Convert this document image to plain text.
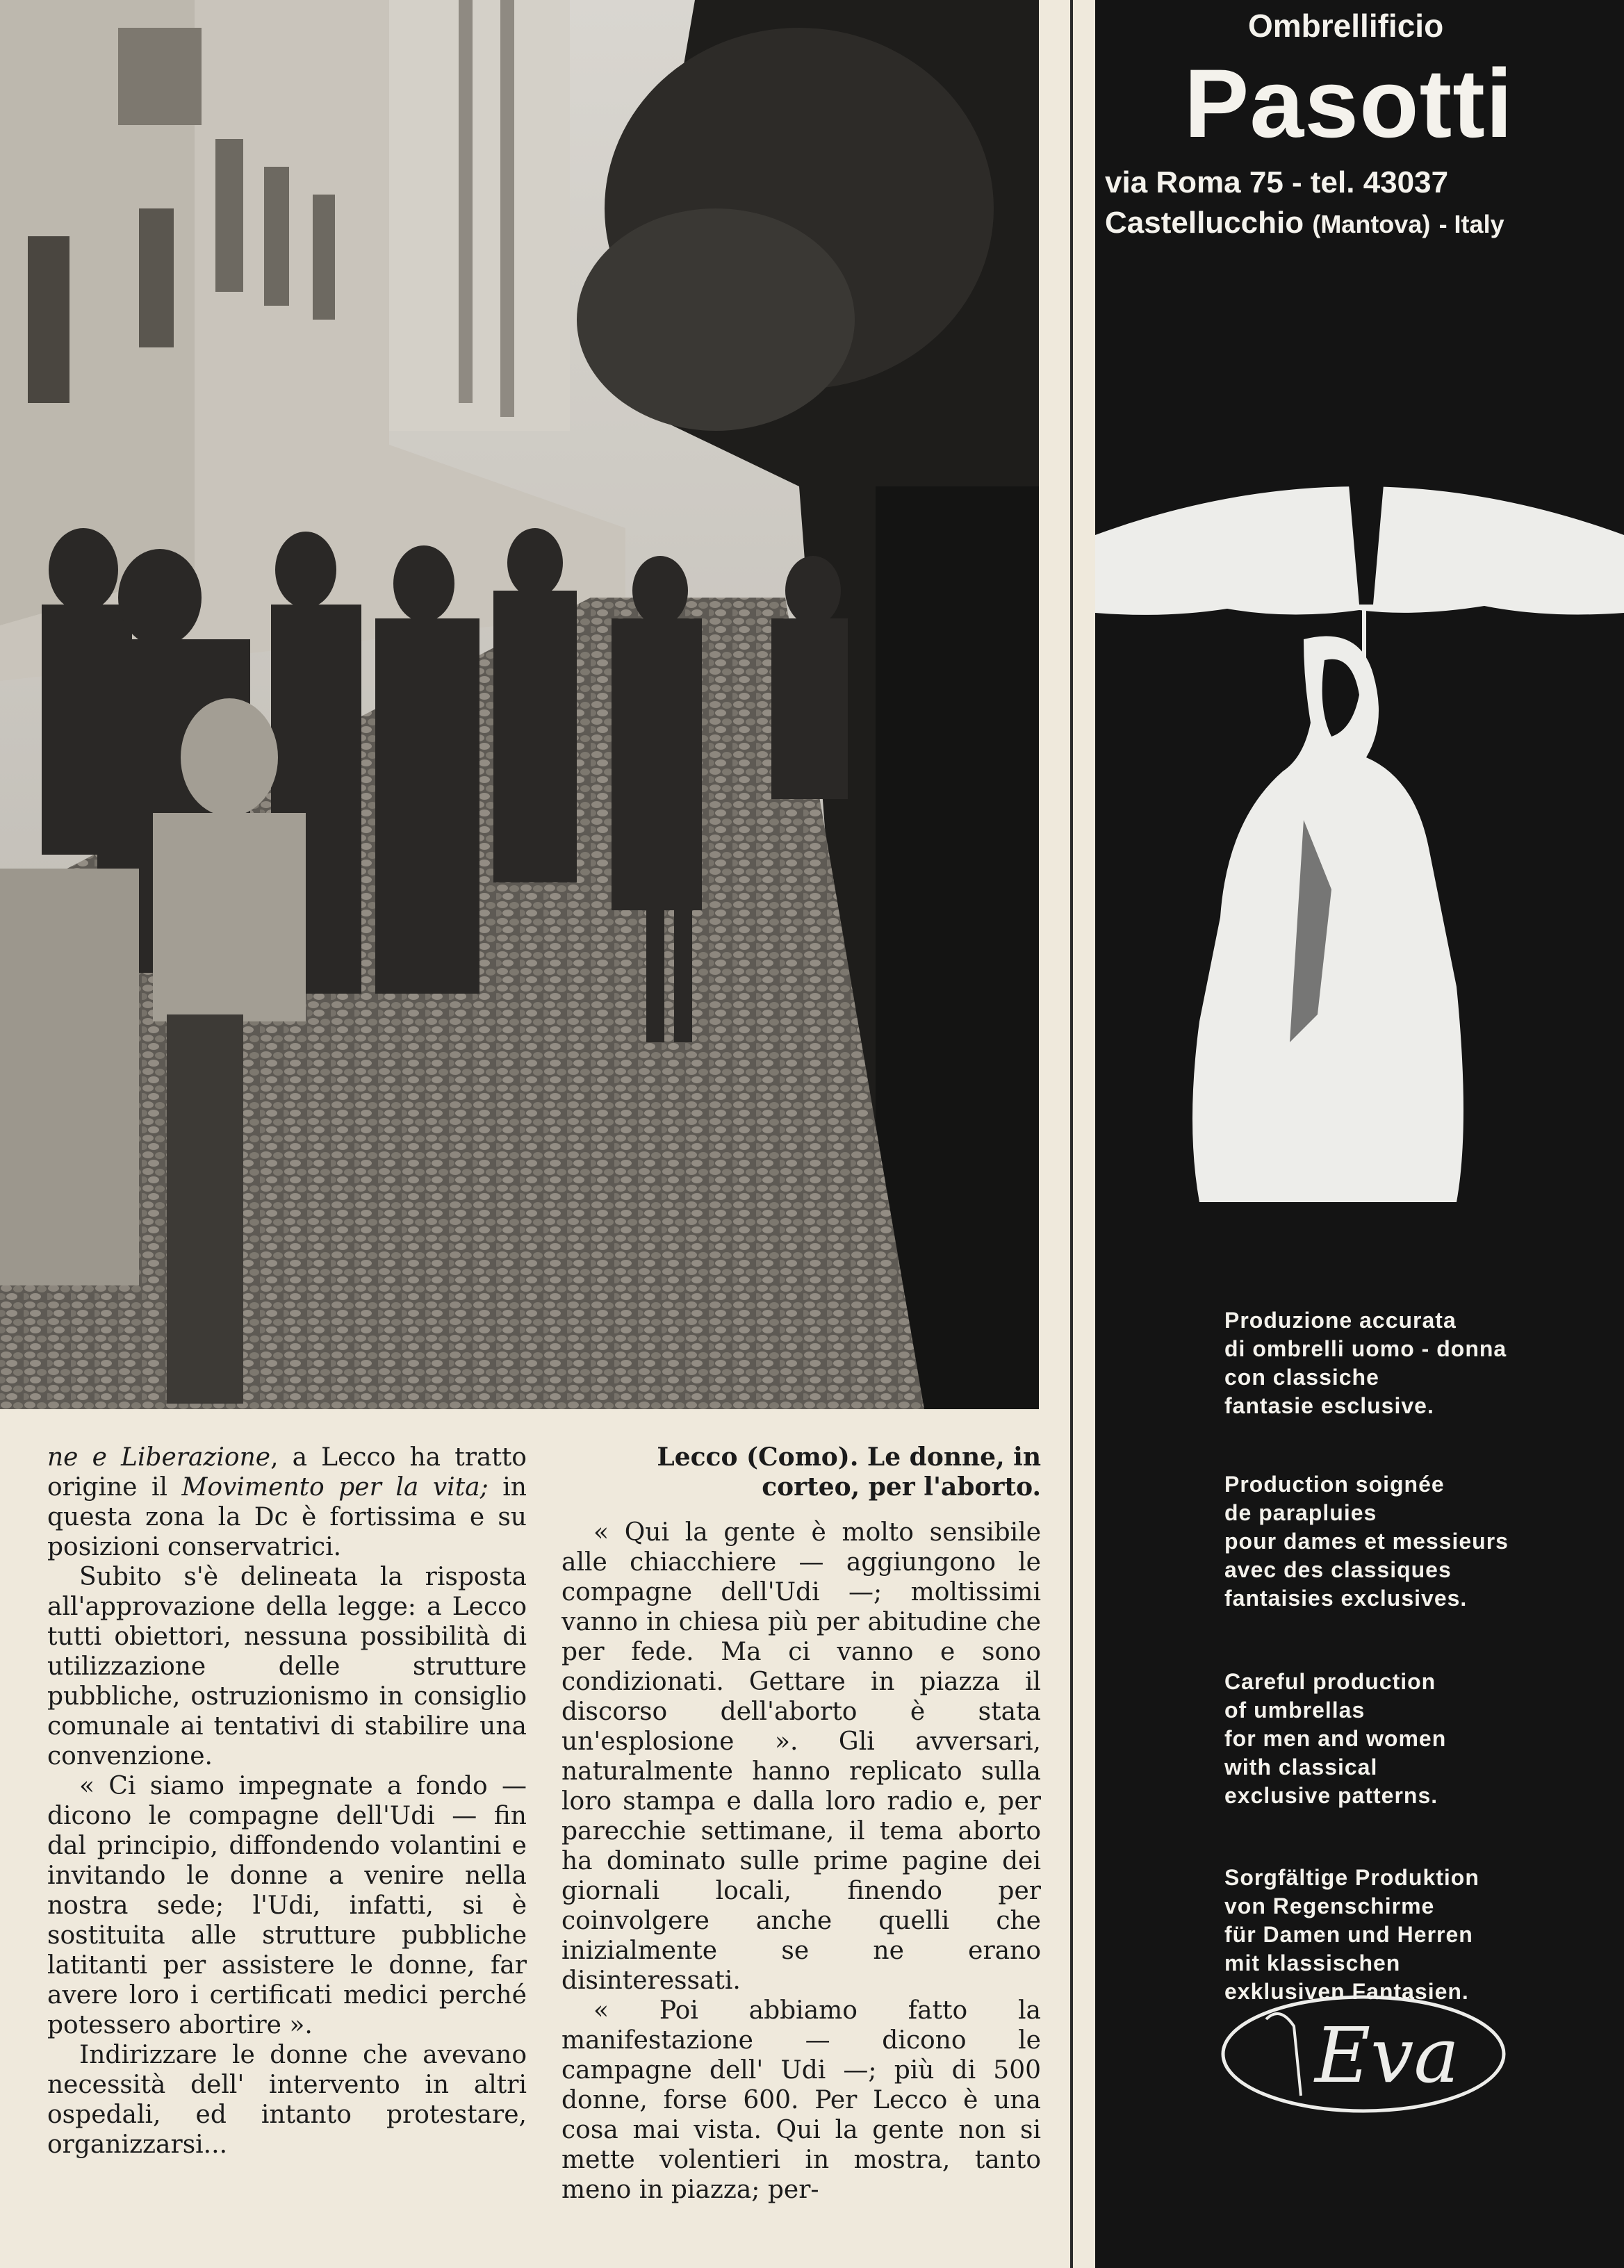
ne e Liberazione, a Lecco ha tratto origine il Movimento per la vita; in questa zona la Dc è fortissima e su posizioni conservatrici.

Subito s'è delineata la risposta all'approvazione della legge: a Lecco tutti obiettori, nessuna possibilità di utilizzazione delle strutture pubbliche, ostruzionismo in consiglio comunale ai tentativi di stabilire una convenzione.

« Ci siamo impegnate a fondo — dicono le compagne dell'Udi — fin dal principio, diffondendo volantini e invitando le donne a venire nella nostra sede; l'Udi, infatti, si è sostituita alle strutture pubbliche latitanti per assistere le donne, far avere loro i certificati medici perché potessero abortire ».

Indirizzare le donne che avevano necessità dell' intervento in altri ospedali, ed intanto protestare, organizzarsi...

Lecco (Como). Le donne, in corteo, per l'aborto.

« Qui la gente è molto sensibile alle chiacchiere — aggiungono le compagne dell'Udi —; moltissimi vanno in chiesa più per abitudine che per fede. Ma ci vanno e sono condizionati. Gettare in piazza il discorso dell'aborto è stata un'esplosione ». Gli avversari, naturalmente hanno replicato sulla loro stampa e dalla loro radio e, per parecchie settimane, il tema aborto ha dominato sulle prime pagine dei giornali locali, finendo per coinvolgere anche quelli che inizialmente se ne erano disinteressati.

« Poi abbiamo fatto la manifestazione — dicono le campagne dell' Udi —; più di 500 donne, forse 600. Per Lecco è una cosa mai vista. Qui la gente non si mette volentieri in mostra, tanto meno in piazza; per-

Ombrellificio
Pasotti
via Roma 75 - tel. 43037
Castellucchio (Mantova) - Italy
eva
Produzione accurata
di ombrelli uomo - donna
con classiche
fantasie esclusive.
Production soignée
de parapluies
pour dames et messieurs
avec des classiques
fantaisies exclusives.
Careful production
of umbrellas
for men and women
with classical
exclusive patterns.
Sorgfältige Produktion
von Regenschirme
für Damen und Herren
mit klassischen
exklusiven Fantasien.
Eva
